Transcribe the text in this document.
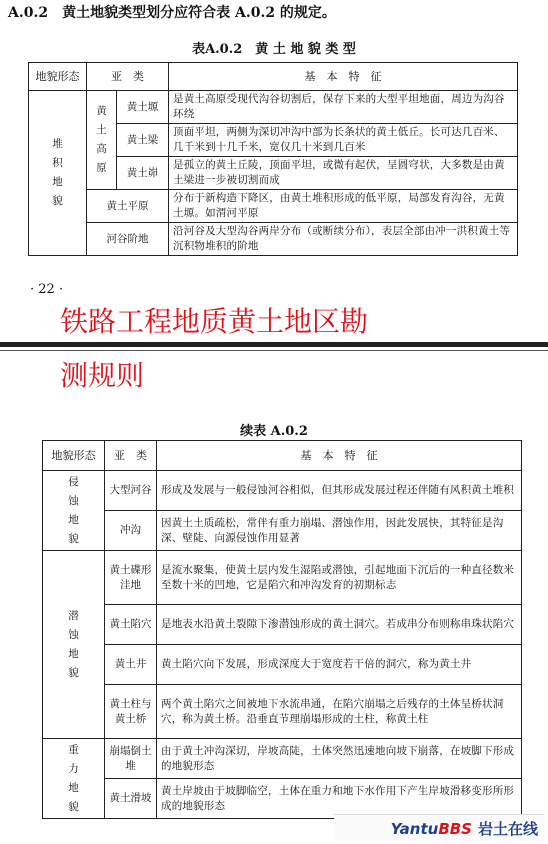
A.0.2　黄土地貌类型划分应符合表 A.0.2 的规定。
表A.0.2　黄 土 地 貌 类 型
地貌形态	亚　类		基　本　特　征
堆
积
地
貌	黄
土
高
原	黄土塬	是黄土高原受现代沟谷切割后，保存下来的大型平坦地面，周边为沟谷环绕
		黄土梁	顶面平坦，两侧为深切冲沟中部为长条状的黄土低丘。长可达几百米、几千米到十几千米，宽仅几十米到几百米
		黄土峁	是孤立的黄土丘陵，顶面平坦，或微有起伏，呈圆穹状，大多数是由黄土梁进一步被切割而成
	黄土平原		分布于新构造下降区，由黄土堆积形成的低平原，局部发育沟谷，无黄土塬。如渭河平原
	河谷阶地		沿河谷及大型沟谷两岸分布（或断续分布），表层全部由冲一洪积黄土等沉积物堆积的阶地
· 22 ·
铁路工程地质黄土地区勘
测规则
续表 A.0.2
地貌形态	亚　类	基　本　特　征
侵
蚀
地
貌	大型河谷	形成及发展与一般侵蚀河谷相似，但其形成发展过程还伴随有风积黄土堆积
	冲沟	因黄土土质疏松，常伴有重力崩塌、潜蚀作用，因此发展快，其特征是沟深、壁陡、向源侵蚀作用显著
潜
蚀
地
貌	黄土碟形洼地	是流水聚集，使黄土层内发生湿陷或潜蚀，引起地面下沉后的一种直径数米至数十米的凹地，它是陷穴和冲沟发育的初期标志
	黄土陷穴	是地表水沿黄土裂隙下渗潜蚀形成的黄土洞穴。若成串分布则称串珠状陷穴
	黄土井	黄土陷穴向下发展，形成深度大于宽度若干倍的洞穴，称为黄土井
	黄土柱与黄土桥	两个黄土陷穴之间被地下水流串通，在陷穴崩塌之后残存的土体呈桥状洞穴，称为黄土桥。沿垂直节理崩塌形成的土柱，称黄土柱
重
力
地
貌	崩塌倒土堆	由于黄土冲沟深切，岸坡高陡，土体突然迅速地向坡下崩落，在坡脚下形成的地貌形态
	黄土滑坡	黄土岸坡由于坡脚临空，土体在重力和地下水作用下产生岸坡滑移变形所形成的地貌形态
Yantu BBS 岩土在线
